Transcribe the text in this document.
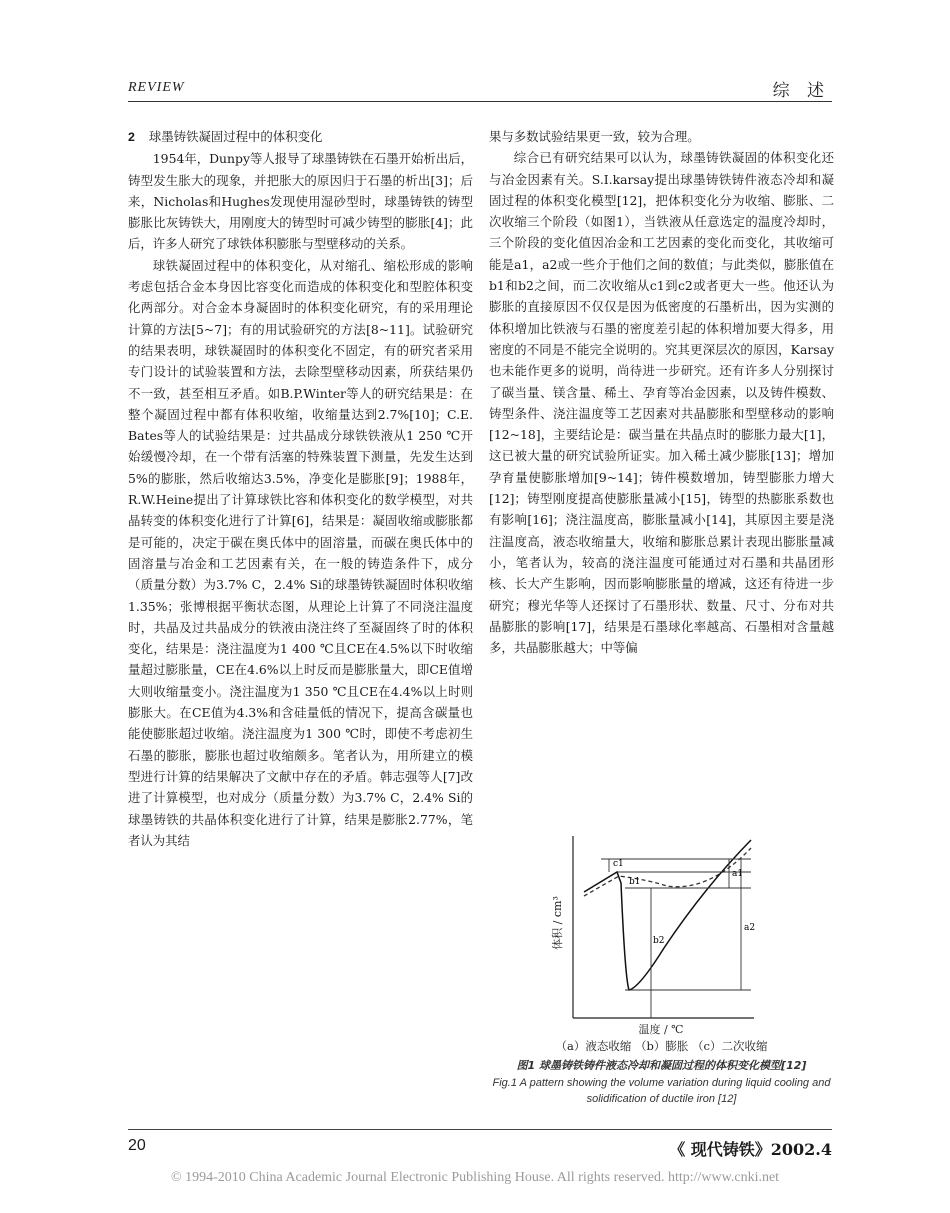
REVIEW	综 述
2 球墨铸铁凝固过程中的体积变化

1954年，Dunpy等人报导了球墨铸铁在石墨开始析出后，铸型发生胀大的现象，并把胀大的原因归于石墨的析出[3]；后来，Nicholas和Hughes发现使用湿砂型时，球墨铸铁的铸型膨胀比灰铸铁大，用刚度大的铸型时可减少铸型的膨胀[4]；此后，许多人研究了球铁体积膨胀与型壁移动的关系。

球铁凝固过程中的体积变化，从对缩孔、缩松形成的影响考虑包括合金本身因比容变化而造成的体积变化和型腔体积变化两部分。对合金本身凝固时的体积变化研究，有的采用理论计算的方法[5~7]；有的用试验研究的方法[8~11]。试验研究的结果表明，球铁凝固时的体积变化不固定，有的研究者采用专门设计的试验装置和方法，去除型壁移动因素，所获结果仍不一致，甚至相互矛盾。如B.P.Winter等人的研究结果是：在整个凝固过程中都有体积收缩，收缩量达到2.7%[10]；C.E. Bates等人的试验结果是：过共晶成分球铁铁液从1 250 ℃开始缓慢冷却，在一个带有活塞的特殊装置下测量，先发生达到5%的膨胀，然后收缩达3.5%，净变化是膨胀[9]；1988年，R.W.Heine提出了计算球铁比容和体积变化的数学模型，对共晶转变的体积变化进行了计算[6]，结果是：凝固收缩或膨胀都是可能的，决定于碳在奥氏体中的固溶量，而碳在奥氏体中的固溶量与冶金和工艺因素有关，在一般的铸造条件下，成分（质量分数）为3.7% C，2.4% Si的球墨铸铁凝固时体积收缩1.35%；张博根据平衡状态图，从理论上计算了不同浇注温度时，共晶及过共晶成分的铁液由浇注终了至凝固终了时的体积变化，结果是：浇注温度为1 400 ℃且CE在4.5%以下时收缩量超过膨胀量，CE在4.6%以上时反而是膨胀量大，即CE值增大则收缩量变小。浇注温度为1 350 ℃且CE在4.4%以上时则膨胀大。在CE值为4.3%和含硅量低的情况下，提高含碳量也能使膨胀超过收缩。浇注温度为1 300 ℃时，即使不考虑初生石墨的膨胀，膨胀也超过收缩颇多。笔者认为，用所建立的模型进行计算的结果解决了文献中存在的矛盾。韩志强等人[7]改进了计算模型，也对成分（质量分数）为3.7% C，2.4% Si的球墨铸铁的共晶体积变化进行了计算，结果是膨胀2.77%，笔者认为其结

果与多数试验结果更一致，较为合理。

综合已有研究结果可以认为，球墨铸铁凝固的体积变化还与冶金因素有关。S.I.karsay提出球墨铸铁铸件液态冷却和凝固过程的体积变化模型[12]，把体积变化分为收缩、膨胀、二次收缩三个阶段（如图1），当铁液从任意选定的温度冷却时，三个阶段的变化值因冶金和工艺因素的变化而变化，其收缩可能是a1，a2或一些介于他们之间的数值；与此类似，膨胀值在b1和b2之间，而二次收缩从c1到c2或者更大一些。他还认为膨胀的直接原因不仅仅是因为低密度的石墨析出，因为实测的体积增加比铁液与石墨的密度差引起的体积增加要大得多，用密度的不同是不能完全说明的。究其更深层次的原因，Karsay也未能作更多的说明，尚待进一步研究。还有许多人分别探讨了碳当量、镁含量、稀土、孕育等冶金因素，以及铸件模数、铸型条件、浇注温度等工艺因素对共晶膨胀和型壁移动的影响[12~18]，主要结论是：碳当量在共晶点时的膨胀力最大[1]，这已被大量的研究试验所证实。加入稀土减少膨胀[13]；增加孕育量使膨胀增加[9~14]；铸件模数增加，铸型膨胀力增大[12]；铸型刚度提高使膨胀量减小[15]，铸型的热膨胀系数也有影响[16]；浇注温度高，膨胀量减小[14]，其原因主要是浇注温度高，液态收缩量大，收缩和膨胀总累计表现出膨胀量减小，笔者认为，较高的浇注温度可能通过对石墨和共晶团形核、长大产生影响，因而影响膨胀量的增减，这还有待进一步研究；穆光华等人还探讨了石墨形状、数量、尺寸、分布对共晶膨胀的影响[17]，结果是石墨球化率越高、石墨相对含量越多，共晶膨胀越大；中等偏

体积 / cm³
c1
b1
b2
a1
a2
温度 / ℃
（a）液态收缩 （b）膨胀 （c）二次收缩
图1 球墨铸铁铸件液态冷却和凝固过程的体积变化模型[12]
Fig.1 A pattern showing the volume variation during liquid cooling and solidification of ductile iron [12]
20	《 现代铸铁》2002.4
© 1994-2010 China Academic Journal Electronic Publishing House. All rights reserved. http://www.cnki.net
